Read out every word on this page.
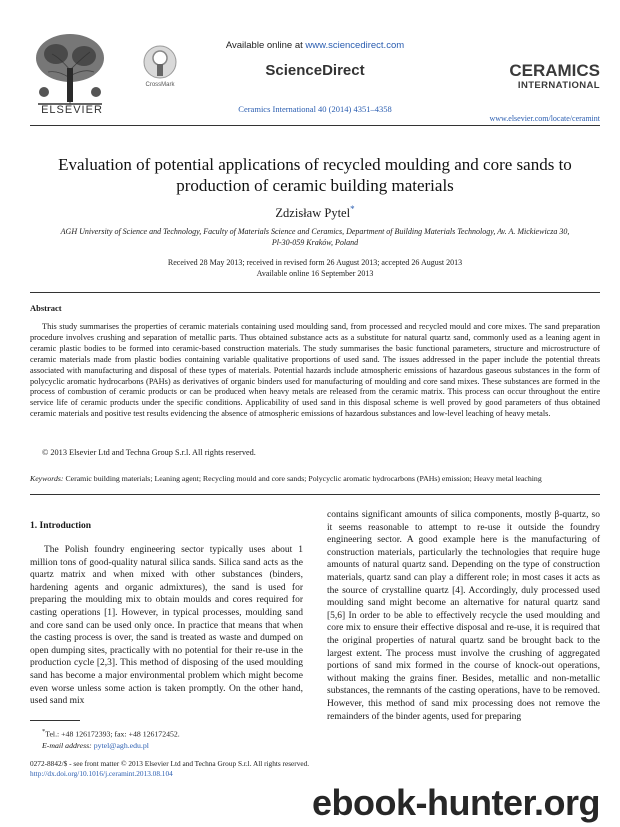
ELSEVIER
CrossMark
Available online at www.sciencedirect.com
ScienceDirect
Ceramics International 40 (2014) 4351–4358
CERAMICS
INTERNATIONAL
www.elsevier.com/locate/ceramint
Evaluation of potential applications of recycled moulding and core sands to production of ceramic building materials
Zdzisław Pytel*
AGH University of Science and Technology, Faculty of Materials Science and Ceramics, Department of Building Materials Technology, Av. A. Mickiewicza 30, Pl-30-059 Kraków, Poland
Received 28 May 2013; received in revised form 26 August 2013; accepted 26 August 2013
Available online 16 September 2013
Abstract
This study summarises the properties of ceramic materials containing used moulding sand, from processed and recycled mould and core mixes. The sand preparation procedure involves crushing and separation of metallic parts. Thus obtained substance acts as a substitute for natural quartz sand, commonly used as a leaning agent in ceramic plastic bodies to be formed into ceramic-based construction materials. The study summarises the basic functional parameters, structure and microstructure of ceramic materials made from plastic bodies containing variable qualitative proportions of used sand. The issues addressed in the paper include the potential threats associated with manufacturing and disposal of these types of materials. Potential hazards include atmospheric emissions of hazardous gaseous substances in the form of polycyclic aromatic hydrocarbons (PAHs) as derivatives of organic binders used for manufacturing of moulding and core sand mixes. These substances are formed in the process of combustion of ceramic products or can be produced when heavy metals are released from the ceramic matrix. This process can occur throughout the entire service life of ceramic products under the specific conditions. Applicability of used sand in this disposal scheme is well proved by good parameters of thus obtained ceramic materials and positive test results evidencing the absence of atmospheric emissions of hazardous substances and low-level leaching of heavy metals.
© 2013 Elsevier Ltd and Techna Group S.r.l. All rights reserved.
Keywords: Ceramic building materials; Leaning agent; Recycling mould and core sands; Polycyclic aromatic hydrocarbons (PAHs) emission; Heavy metal leaching
1. Introduction
The Polish foundry engineering sector typically uses about 1 million tons of good-quality natural silica sands. Silica sand acts as the quartz matrix and when mixed with other substances (binders, hardening agents and organic admixtures), the sand is used for preparing the moulding mix to obtain moulds and cores required for casting operations [1]. However, in typical processes, moulding sand and core sand can be used only once. In practice that means that when the casting process is over, the sand is treated as waste and dumped on open dumping sites, practically with no potential for their re-use in the production cycle [2,3]. This method of disposing of the used moulding sand has become a major environmental problem which might become even worse unless some action is taken promptly. On the other hand, used sand mix
contains significant amounts of silica components, mostly β-quartz, so it seems reasonable to attempt to re-use it outside the foundry engineering sector. A good example here is the manufacturing of construction materials, particularly the technologies that require huge amounts of natural quartz sand. Depending on the type of construction materials, quartz sand can play a different role; in most cases it acts as the source of crystalline quartz [4]. Accordingly, duly processed used moulding sand might become an alternative for natural quartz sand [5,6] In order to be able to effectively recycle the used moulding and core mix to ensure their effective disposal and re-use, it is required that the original properties of natural quartz sand be brought back to the largest extent. The process must involve the crushing of aggregated portions of sand mix formed in the course of knock-out operations, without making the grains finer. Besides, metallic and non-metallic substances, the remnants of the casting operations, have to be removed. However, this method of sand mix processing does not remove the remainders of the binder agents, used for preparing
*Tel.: +48 126172393; fax: +48 126172452.
E-mail address: pytel@agh.edu.pl
0272-8842/$ - see front matter © 2013 Elsevier Ltd and Techna Group S.r.l. All rights reserved.
http://dx.doi.org/10.1016/j.ceramint.2013.08.104
ebook-hunter.org
